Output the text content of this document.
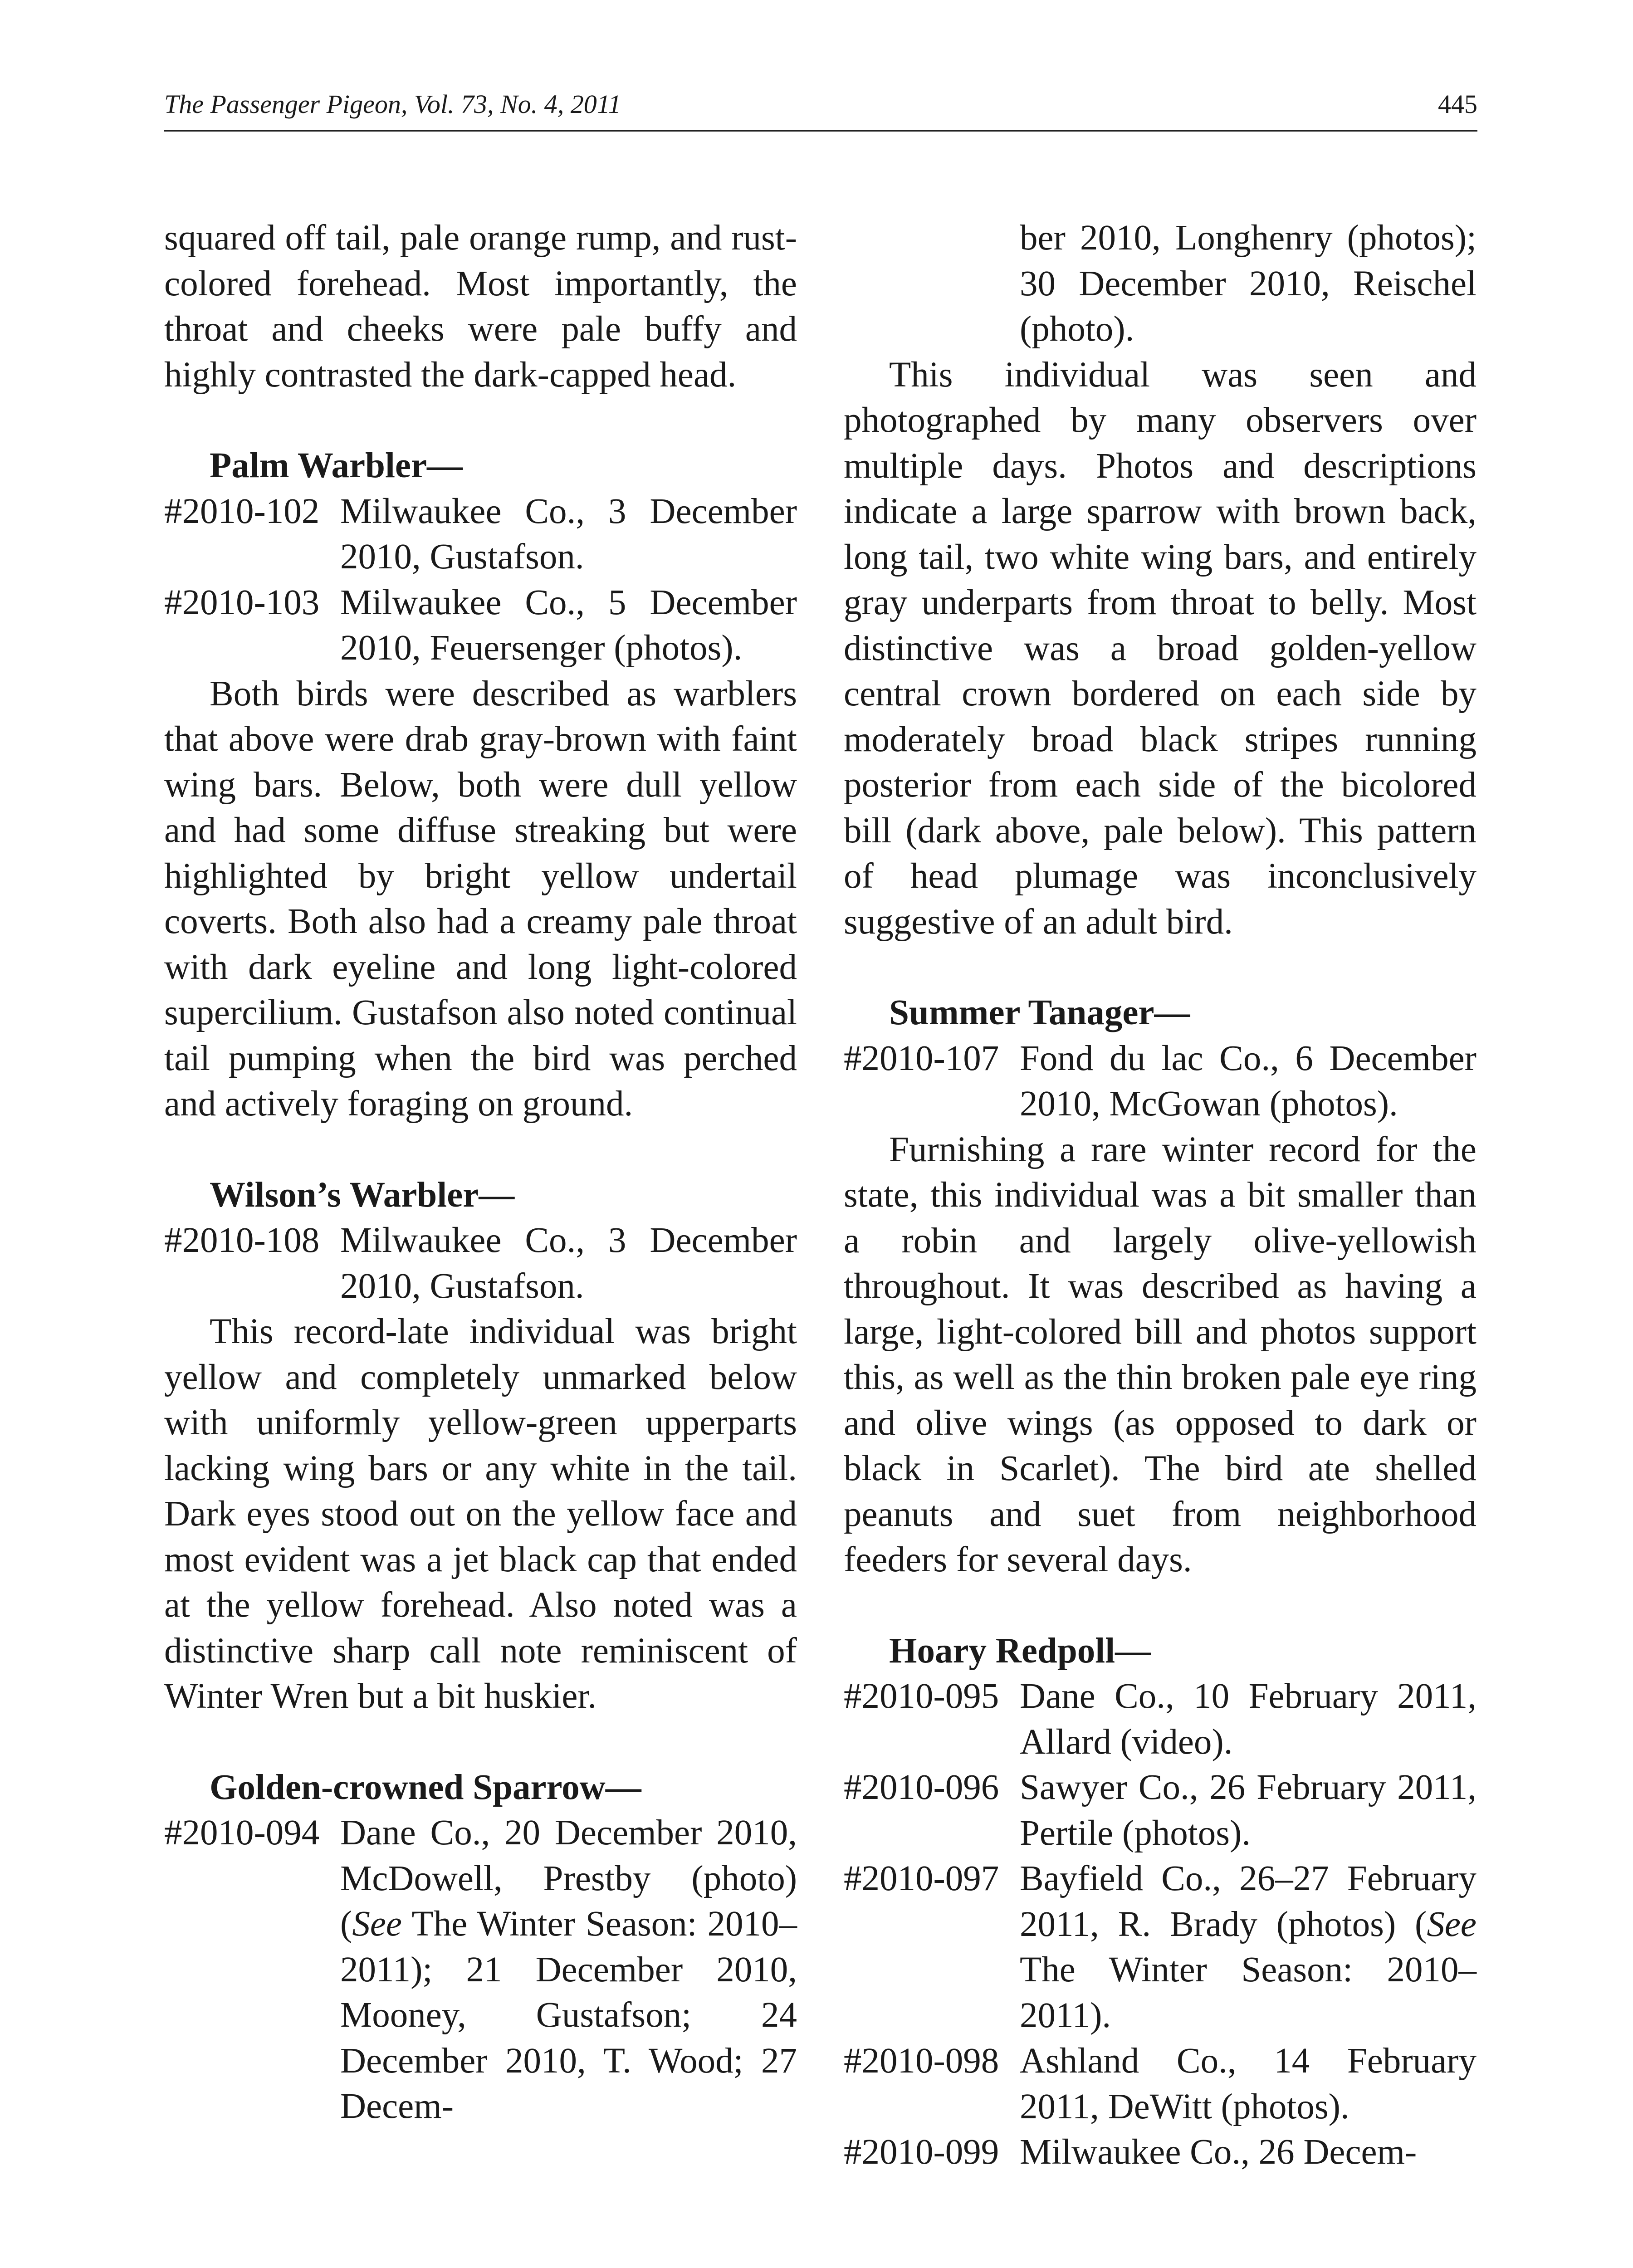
The Passenger Pigeon, Vol. 73, No. 4, 2011	445

squared off tail, pale orange rump, and rust-colored forehead. Most importantly, the throat and cheeks were pale buffy and highly contrasted the dark-capped head.

Palm Warbler—

#2010-102 Milwaukee Co., 3 December 2010, Gustafson.

#2010-103 Milwaukee Co., 5 December 2010, Feuersenger (photos).

Both birds were described as warblers that above were drab gray-brown with faint wing bars. Below, both were dull yellow and had some diffuse streaking but were highlighted by bright yellow undertail coverts. Both also had a creamy pale throat with dark eyeline and long light-colored supercilium. Gustafson also noted continual tail pumping when the bird was perched and actively foraging on ground.

Wilson’s Warbler—

#2010-108 Milwaukee Co., 3 December 2010, Gustafson.

This record-late individual was bright yellow and completely unmarked below with uniformly yellow-green upperparts lacking wing bars or any white in the tail. Dark eyes stood out on the yellow face and most evident was a jet black cap that ended at the yellow forehead. Also noted was a distinctive sharp call note reminiscent of Winter Wren but a bit huskier.

Golden-crowned Sparrow—

#2010-094 Dane Co., 20 December 2010, McDowell, Prestby (photo) (See The Winter Season: 2010–2011); 21 December 2010, Mooney, Gustafson; 24 December 2010, T. Wood; 27 Decem-

ber 2010, Longhenry (photos); 30 December 2010, Reischel (photo).

This individual was seen and photographed by many observers over multiple days. Photos and descriptions indicate a large sparrow with brown back, long tail, two white wing bars, and entirely gray underparts from throat to belly. Most distinctive was a broad golden-yellow central crown bordered on each side by moderately broad black stripes running posterior from each side of the bicolored bill (dark above, pale below). This pattern of head plumage was inconclusively suggestive of an adult bird.

Summer Tanager—

#2010-107 Fond du lac Co., 6 December 2010, McGowan (photos).

Furnishing a rare winter record for the state, this individual was a bit smaller than a robin and largely olive-yellowish throughout. It was described as having a large, light-colored bill and photos support this, as well as the thin broken pale eye ring and olive wings (as opposed to dark or black in Scarlet). The bird ate shelled peanuts and suet from neighborhood feeders for several days.

Hoary Redpoll—

#2010-095 Dane Co., 10 February 2011, Allard (video).

#2010-096 Sawyer Co., 26 February 2011, Pertile (photos).

#2010-097 Bayfield Co., 26–27 February 2011, R. Brady (photos) (See The Winter Season: 2010–2011).

#2010-098 Ashland Co., 14 February 2011, DeWitt (photos).

#2010-099 Milwaukee Co., 26 Decem-
